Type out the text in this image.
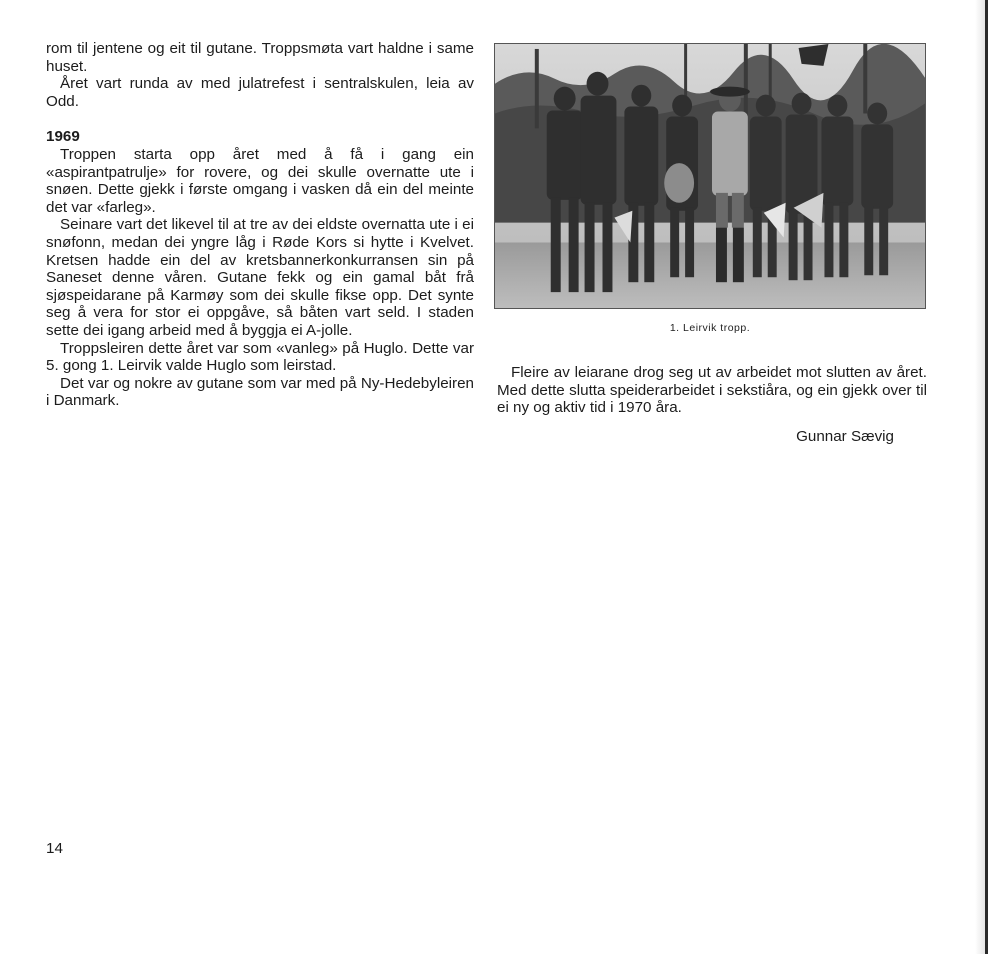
rom til jentene og eit til gutane. Troppsmøta vart haldne i same huset.

Året vart runda av med julatrefest i sentralskulen, leia av Odd.

1969

Troppen starta opp året med å få i gang ein «aspirantpatrulje» for rovere, og dei skulle overnatte ute i snøen. Dette gjekk i første omgang i vasken då ein del meinte det var «farleg».

Seinare vart det likevel til at tre av dei eldste overnatta ute i ei snøfonn, medan dei yngre låg i Røde Kors si hytte i Kvelvet. Kretsen hadde ein del av kretsbannerkonkurransen sin på Saneset denne våren. Gutane fekk og ein gamal båt frå sjøspeidarane på Karmøy som dei skulle fikse opp. Det synte seg å vera for stor ei oppgåve, så båten vart seld. I staden sette dei igang arbeid med å byggja ei A-jolle.

Troppsleiren dette året var som «vanleg» på Huglo. Dette var 5. gong 1. Leirvik valde Huglo som leirstad.

Det var og nokre av gutane som var med på Ny-Hedebyleiren i Danmark.

1. Leirvik tropp.

Fleire av leiarane drog seg ut av arbeidet mot slutten av året. Med dette slutta speiderarbeidet i sekstiåra, og ein gjekk over til ei ny og aktiv tid i 1970 åra.

Gunnar Sævig
14
